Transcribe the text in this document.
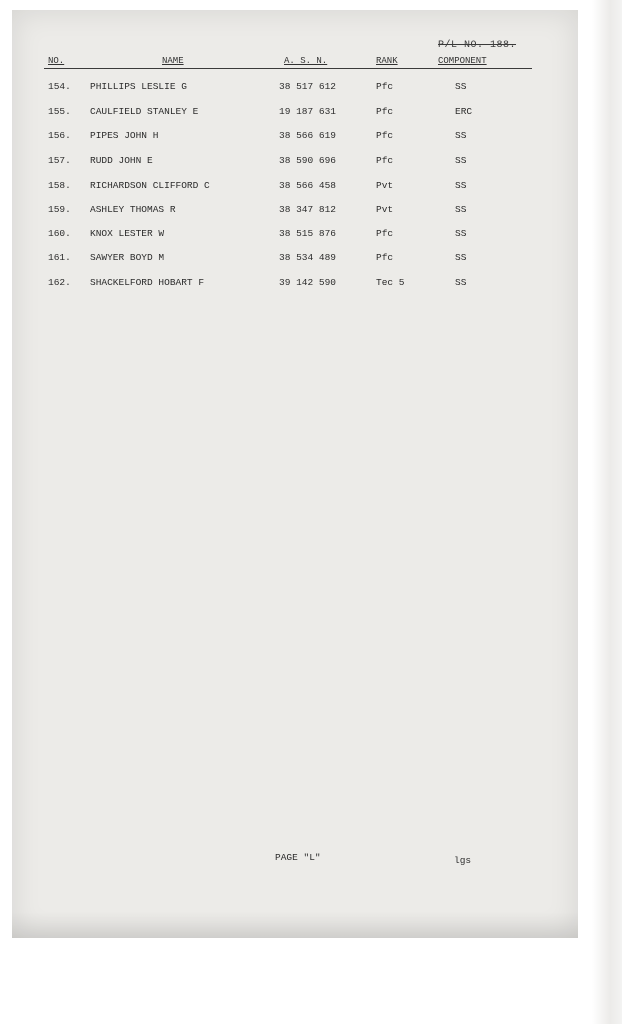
P/L NO. 188.
NO.	NAME	A. S. N.	RANK	COMPONENT
154. PHILLIPS LESLIE G	38 517 612	Pfc	SS
155. CAULFIELD STANLEY E	19 187 631	Pfc	ERC
156. PIPES JOHN H	38 566 619	Pfc	SS
157. RUDD JOHN E	38 590 696	Pfc	SS
158. RICHARDSON CLIFFORD C	38 566 458	Pvt	SS
159. ASHLEY THOMAS R	38 347 812	Pvt	SS
160. KNOX LESTER W	38 515 876	Pfc	SS
161. SAWYER BOYD M	38 534 489	Pfc	SS
162. SHACKELFORD HOBART F	39 142 590	Tec 5	SS
PAGE "L"	lgs
